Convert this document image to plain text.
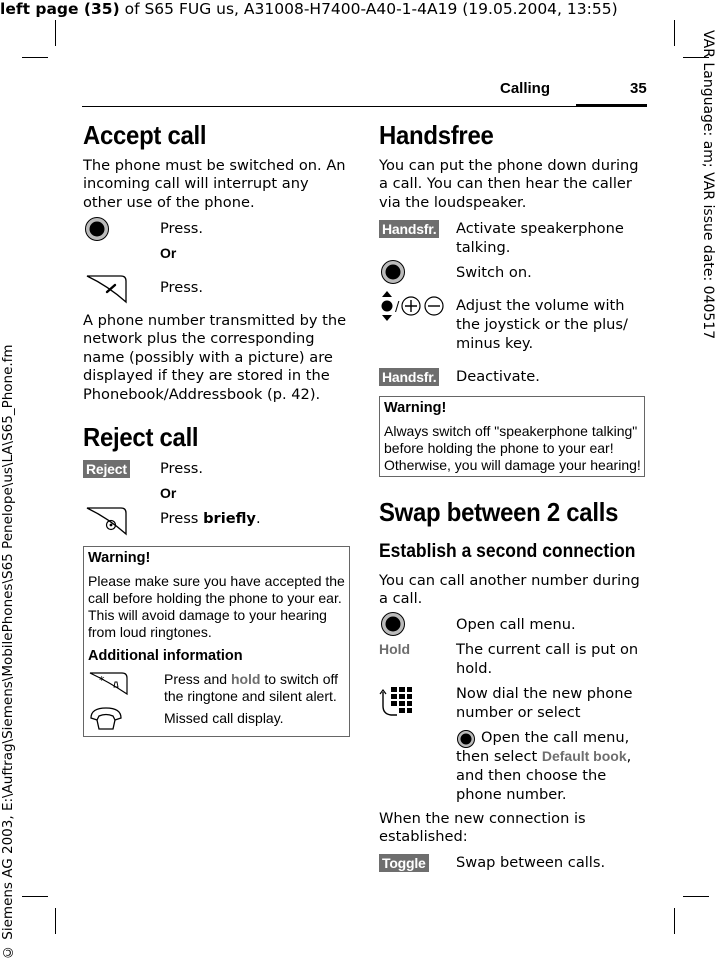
left page (35) of S65 FUG us, A31008-H7400-A40-1-4A19 (19.05.2004, 13:55)
Calling	35	VAR Language: am; VAR issue date: 040517
© Siemens AG 2003, E:\Auftrag\Siemens\MobilePhones\S65 Penelope\us\LA\S65_Phone.fm
Accept call
The phone must be switched on. An incoming call will interrupt any other use of the phone.
Press.
Or
Press.
A phone number transmitted by the network plus the corresponding name (possibly with a picture) are displayed if they are stored in the Phonebook/Addressbook (p. 42).
Reject call
Reject Press.
Or
Press briefly.
Warning!
Please make sure you have accepted the
call before holding the phone to your ear.
This will avoid damage to your hearing
from loud ringtones.
Additional information
*	Press and hold to switch off
the ringtone and silent alert.
Missed call display.
Handsfree
You can put the phone down during a call. You can then hear the caller via the loudspeaker.
Handsfr. Activate speakerphone
talking.
Switch on.
/	Adjust the volume with
the joystick or the plus/
minus key.
Handsfr. Deactivate.
Warning!
Always switch off "speakerphone talking"
before holding the phone to your ear!
Otherwise, you will damage your hearing!
Swap between 2 calls
Establish a second connection
You can call another number during a call.
Open call menu.
Hold	The current call is put on
hold.
Now dial the new phone
number or select
Open the call menu,
then select Default book,
and then choose the
phone number.
When the new connection is established:
Toggle Swap between calls.
